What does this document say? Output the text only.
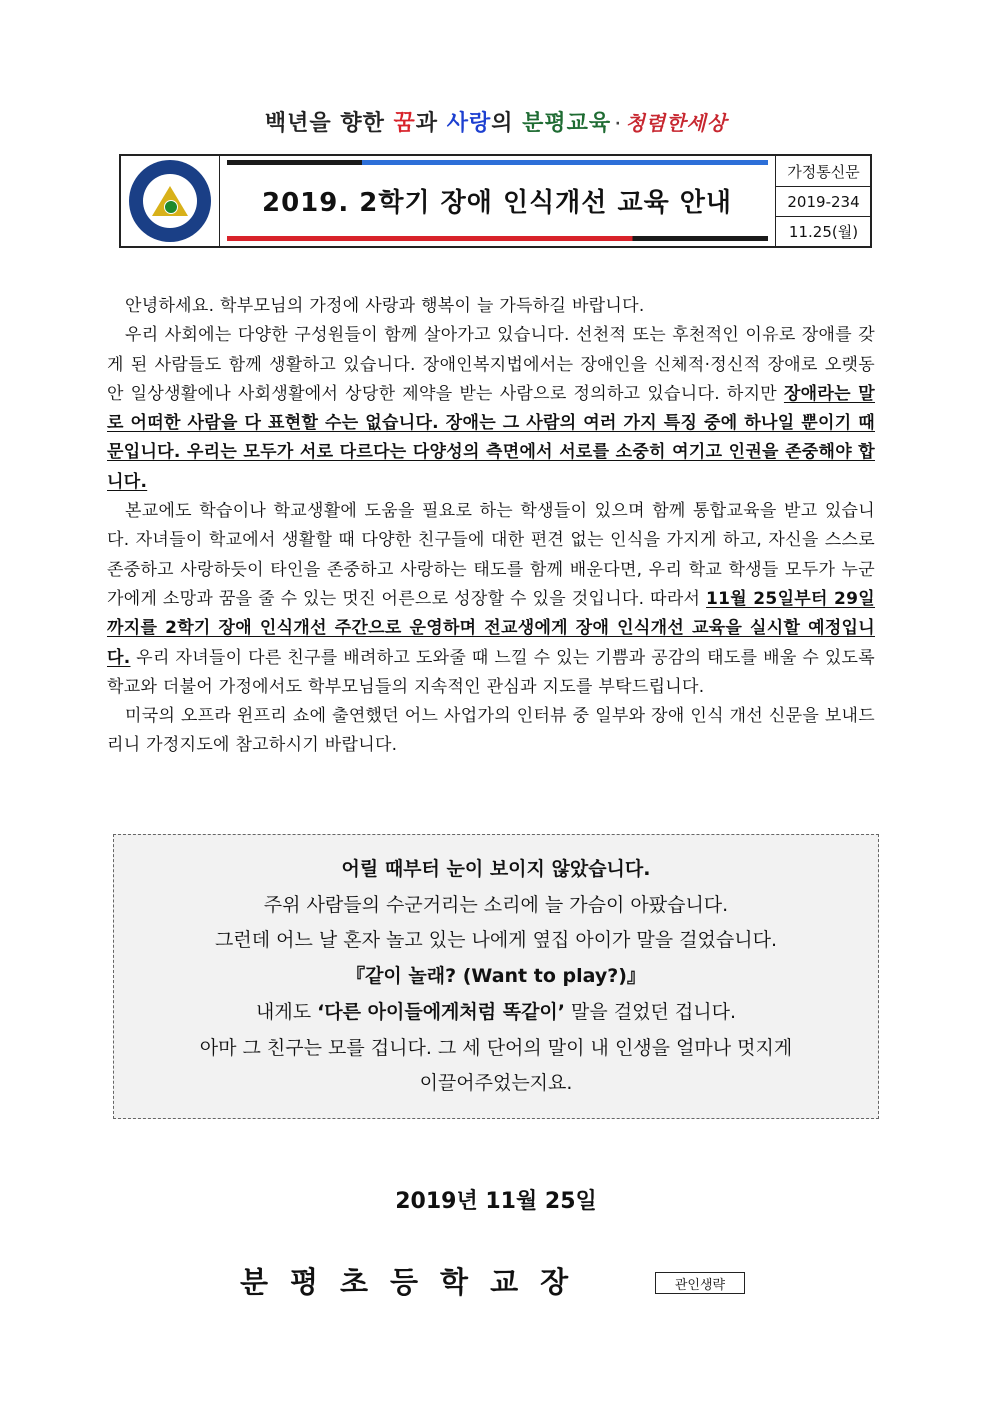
백년을 향한 꿈과 사랑의 분평교육 · 청렴한세상
2019. 2학기 장애 인식개선 교육 안내
가정통신문
2019-234
11.25(월)

안녕하세요. 학부모님의 가정에 사랑과 행복이 늘 가득하길 바랍니다.

우리 사회에는 다양한 구성원들이 함께 살아가고 있습니다. 선천적 또는 후천적인 이유로 장애를 갖게 된 사람들도 함께 생활하고 있습니다. 장애인복지법에서는 장애인을 신체적·정신적 장애로 오랫동안 일상생활에나 사회생활에서 상당한 제약을 받는 사람으로 정의하고 있습니다. 하지만 장애라는 말로 어떠한 사람을 다 표현할 수는 없습니다. 장애는 그 사람의 여러 가지 특징 중에 하나일 뿐이기 때문입니다. 우리는 모두가 서로 다르다는 다양성의 측면에서 서로를 소중히 여기고 인권을 존중해야 합니다.

본교에도 학습이나 학교생활에 도움을 필요로 하는 학생들이 있으며 함께 통합교육을 받고 있습니다. 자녀들이 학교에서 생활할 때 다양한 친구들에 대한 편견 없는 인식을 가지게 하고, 자신을 스스로 존중하고 사랑하듯이 타인을 존중하고 사랑하는 태도를 함께 배운다면, 우리 학교 학생들 모두가 누군가에게 소망과 꿈을 줄 수 있는 멋진 어른으로 성장할 수 있을 것입니다. 따라서 11월 25일부터 29일까지를 2학기 장애 인식개선 주간으로 운영하며 전교생에게 장애 인식개선 교육을 실시할 예정입니다. 우리 자녀들이 다른 친구를 배려하고 도와줄 때 느낄 수 있는 기쁨과 공감의 태도를 배울 수 있도록 학교와 더불어 가정에서도 학부모님들의 지속적인 관심과 지도를 부탁드립니다.

미국의 오프라 윈프리 쇼에 출연했던 어느 사업가의 인터뷰 중 일부와 장애 인식 개선 신문을 보내드리니 가정지도에 참고하시기 바랍니다.

어릴 때부터 눈이 보이지 않았습니다.
주위 사람들의 수군거리는 소리에 늘 가슴이 아팠습니다.
그런데 어느 날 혼자 놀고 있는 나에게 옆집 아이가 말을 걸었습니다.
『같이 놀래? (Want to play?)』
내게도 ‘다른 아이들에게처럼 똑같이’ 말을 걸었던 겁니다.
아마 그 친구는 모를 겁니다. 그 세 단어의 말이 내 인생을 얼마나 멋지게
이끌어주었는지요.
2019년 11월 25일
분평초등학교장	관인생략
